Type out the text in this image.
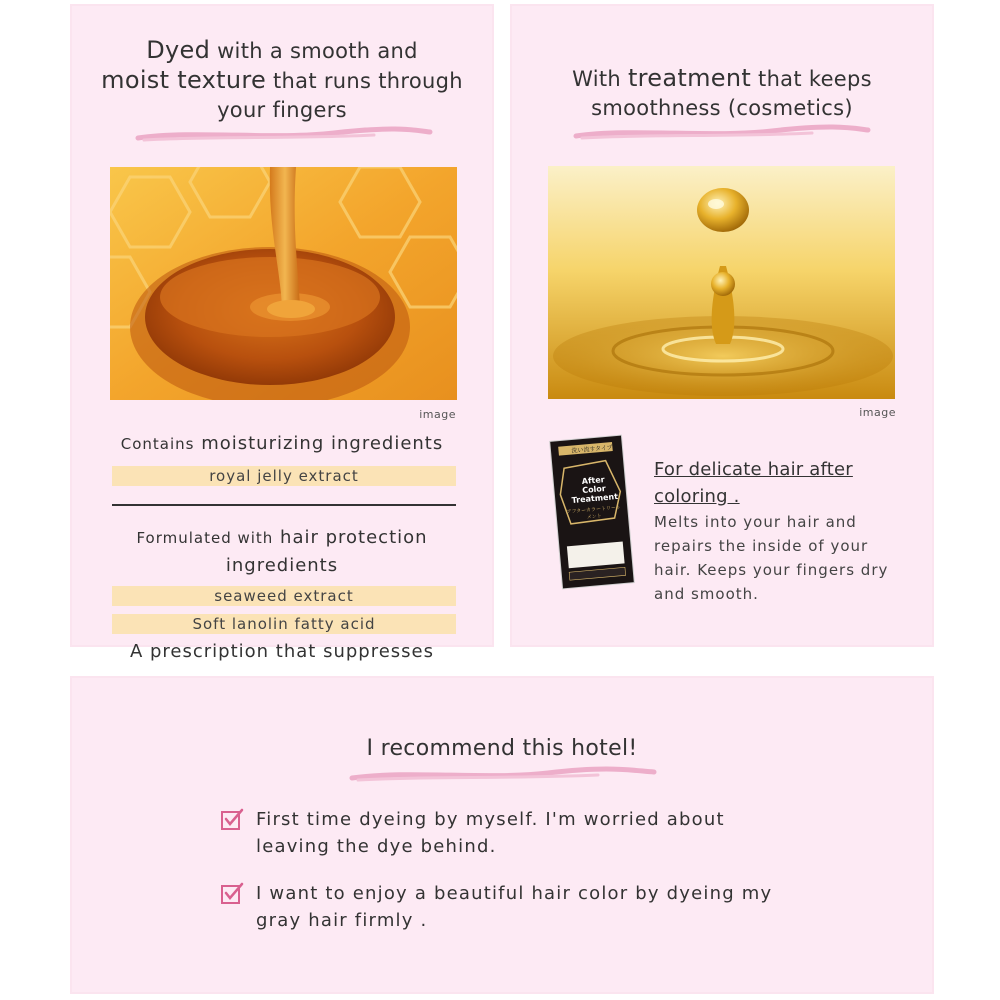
Dyed with a smooth and
moist texture that runs through
your fingers
image
Contains moisturizing ingredients
royal jelly extract
Formulated with hair protection
ingredients
seaweed extract
Soft lanolin fatty acid
A prescription that suppresses
With treatment that keeps
smoothness (cosmetics)
image
洗い流すタイプ
After
Color
Treatment
アフターカラートリートメント
For delicate hair after
coloring .
Melts into your hair and repairs the inside of your hair. Keeps your fingers dry and smooth.
I recommend this hotel!
First time dyeing by myself. I'm worried about leaving the dye behind.
I want to enjoy a beautiful hair color by dyeing my gray hair firmly .
